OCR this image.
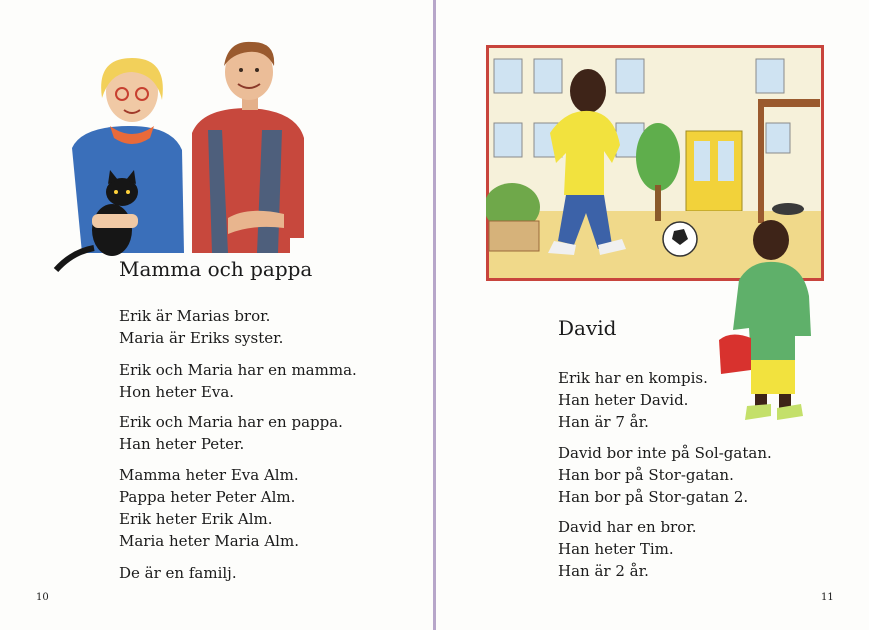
Mamma och pappa
Erik är Marias bror.
Maria är Eriks syster.
Erik och Maria har en mamma.
Hon heter Eva.
Erik och Maria har en pappa.
Han heter Peter.
Mamma heter Eva Alm.
Pappa heter Peter Alm.
Erik heter Erik Alm.
Maria heter Maria Alm.
De är en familj.
10
David
Erik har en kompis.
Han heter David.
Han är 7 år.
David bor inte på Sol-gatan.
Han bor på Stor-gatan.
Han bor på Stor-gatan 2.
David har en bror.
Han heter Tim.
Han är 2 år.
11
